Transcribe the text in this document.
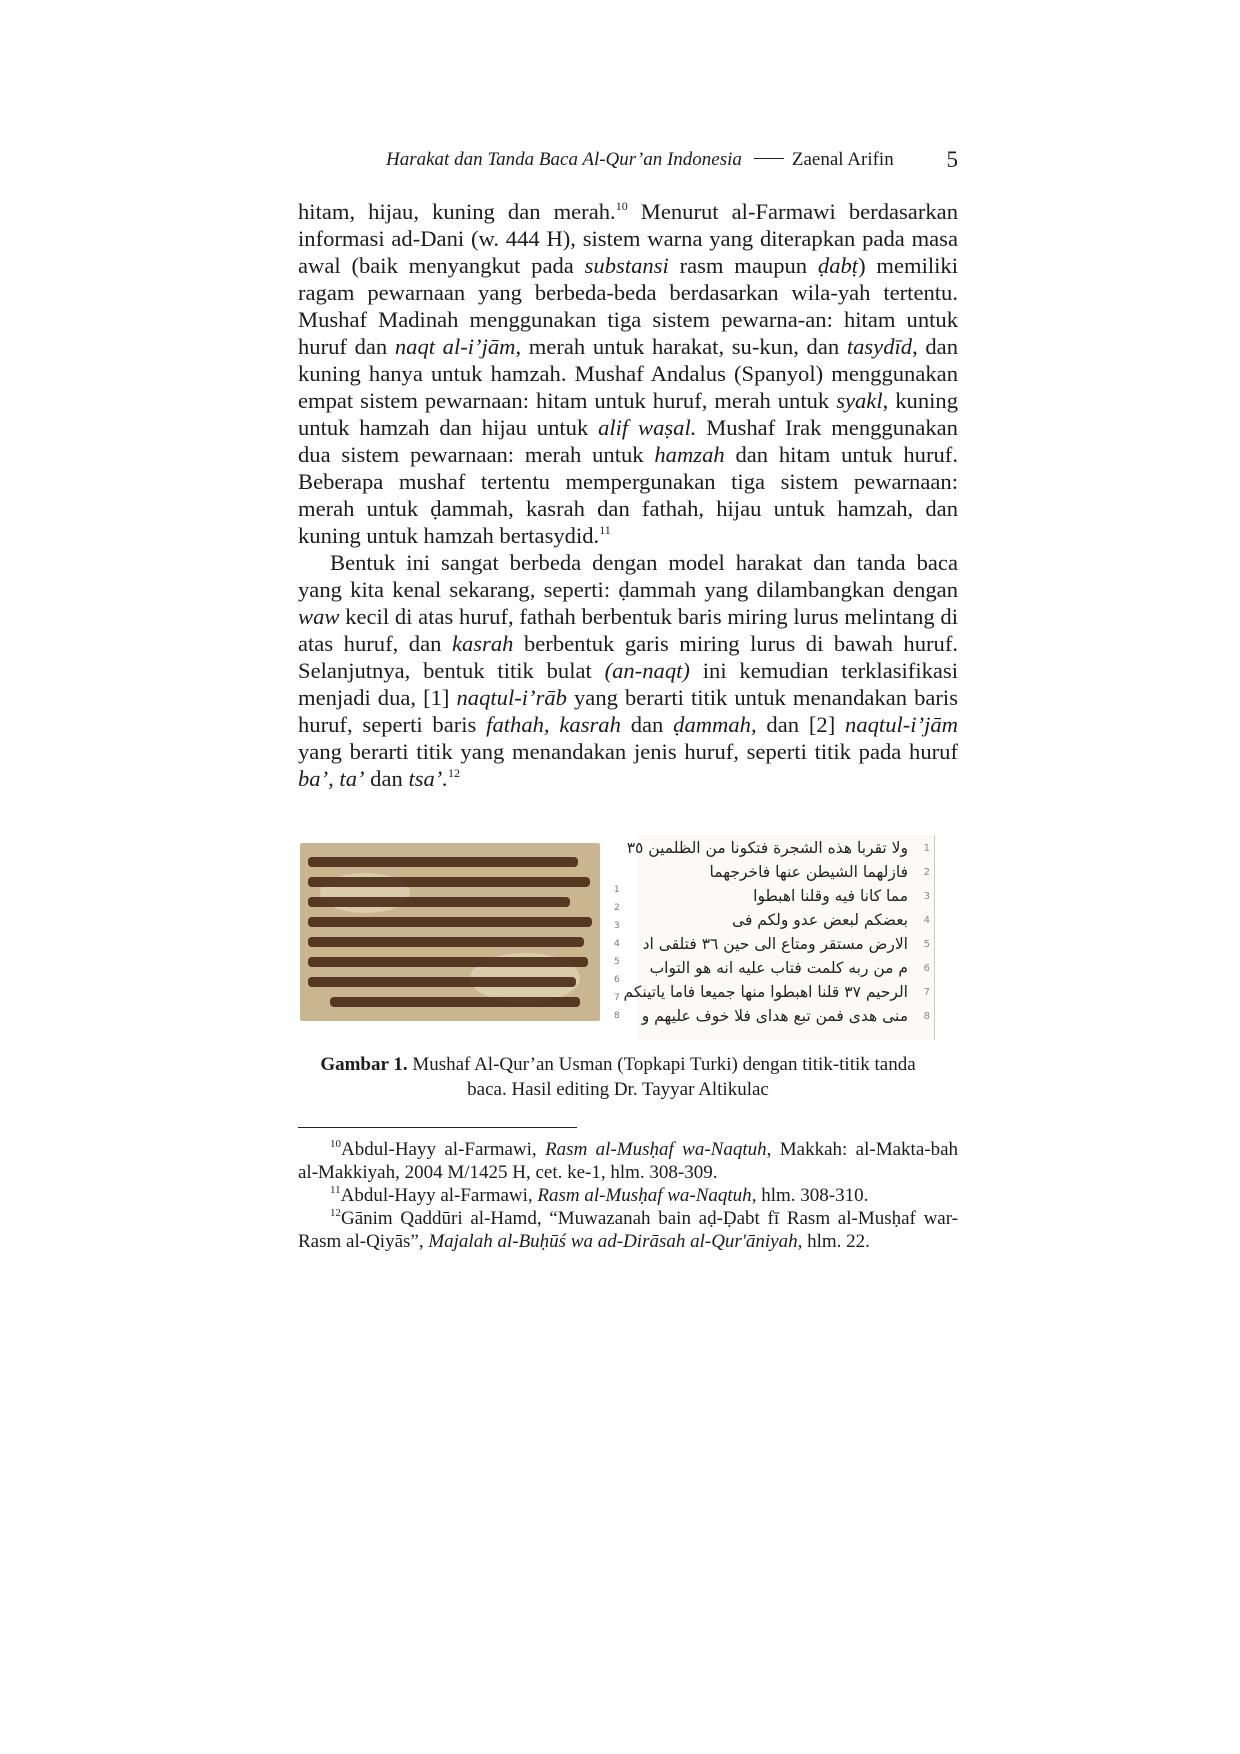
Harakat dan Tanda Baca Al-Qur’an Indonesia	Zaenal Arifin 5

hitam, hijau, kuning dan merah.$^{10}$ Menurut al-Farmawi berdasarkan informasi ad-Dani (w. 444 H), sistem warna yang diterapkan pada masa awal (baik menyangkut pada substansi rasm maupun ḍabṭ) memiliki ragam pewarnaan yang berbeda-beda berdasarkan wila-yah tertentu. Mushaf Madinah menggunakan tiga sistem pewarna-an: hitam untuk huruf dan naqt al-i’jām, merah untuk harakat, su-kun, dan tasydīd, dan kuning hanya untuk hamzah. Mushaf Andalus (Spanyol) menggunakan empat sistem pewarnaan: hitam untuk huruf, merah untuk syakl, kuning untuk hamzah dan hijau untuk alif waṣal. Mushaf Irak menggunakan dua sistem pewarnaan: merah untuk hamzah dan hitam untuk huruf. Beberapa mushaf tertentu mempergunakan tiga sistem pewarnaan: merah untuk ḍammah, kasrah dan fathah, hijau untuk hamzah, dan kuning untuk hamzah bertasydid.$^{11}$

Bentuk ini sangat berbeda dengan model harakat dan tanda baca yang kita kenal sekarang, seperti: ḍammah yang dilambangkan dengan waw kecil di atas huruf, fathah berbentuk baris miring lurus melintang di atas huruf, dan kasrah berbentuk garis miring lurus di bawah huruf. Selanjutnya, bentuk titik bulat (an-naqt) ini kemudian terklasifikasi menjadi dua, [1] naqtul-i’rāb yang berarti titik untuk menandakan baris huruf, seperti baris fathah, kasrah dan ḍammah, dan [2] naqtul-i’jām yang berarti titik yang menandakan jenis huruf, seperti titik pada huruf ba’, ta’ dan tsa’.$^{12}$

1
2
3
4
5
6
7
8
ولا تقربا هذه الشجرة فتكونا من الظلمين ٣٥ 1
فازلهما الشيطن عنها فاخرجهما 2
مما كانا فيه وقلنا اهبطوا 3
بعضكم لبعض عدو ولكم فى 4
الارض مستقر ومتاع الى حين ٣٦ فتلقى اد 5
م من ربه كلمت فتاب عليه انه هو التواب 6
الرحيم ٣٧ قلنا اهبطوا منها جميعا فاما ياتينكم 7
منى هدى فمن تبع هداى فلا خوف عليهم و 8
Gambar 1. Mushaf Al-Qur’an Usman (Topkapi Turki) dengan titik-titik tanda
baca. Hasil editing Dr. Tayyar Altikulac

$^{10}$Abdul-Hayy al-Farmawi, Rasm al-Musḥaf wa-Naqtuh, Makkah: al-Makta-bah al-Makkiyah, 2004 M/1425 H, cet. ke-1, hlm. 308-309.

$^{11}$Abdul-Hayy al-Farmawi, Rasm al-Musḥaf wa-Naqtuh, hlm. 308-310.

$^{12}$Gānim Qaddūri al-Hamd, “Muwazanah bain aḍ-Ḍabt fī Rasm al-Musḥaf war-Rasm al-Qiyās”, Majalah al-Buḥūś wa ad-Dirāsah al-Qur'āniyah, hlm. 22.
